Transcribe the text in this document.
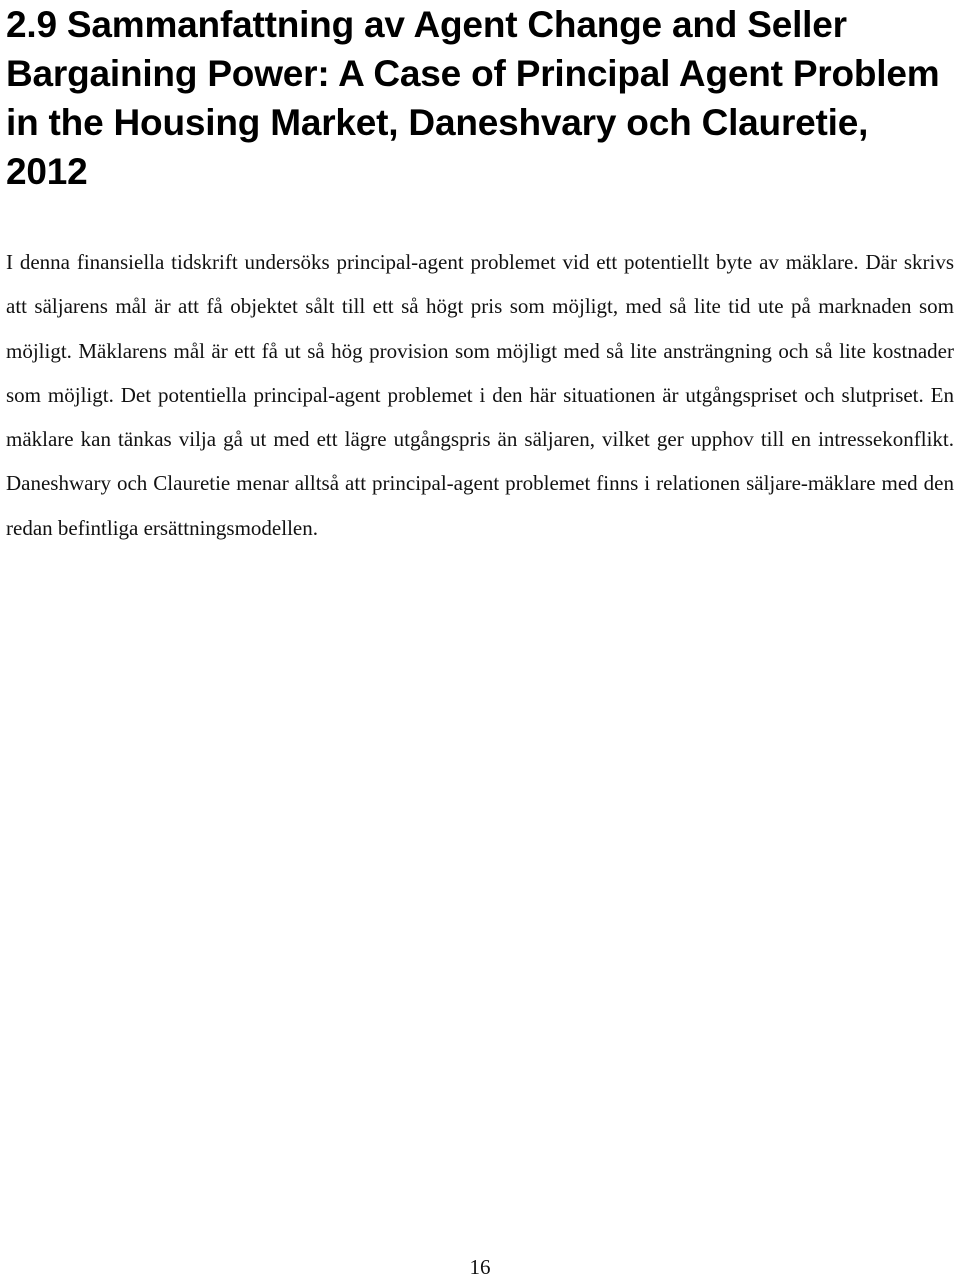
2.9 Sammanfattning av Agent Change and Seller Bargaining Power: A Case of Principal Agent Problem in the Housing Market, Daneshvary och Clauretie, 2012

I denna finansiella tidskrift undersöks principal-agent problemet vid ett potentiellt byte av mäklare. Där skrivs att säljarens mål är att få objektet sålt till ett så högt pris som möjligt, med så lite tid ute på marknaden som möjligt. Mäklarens mål är ett få ut så hög provision som möjligt med så lite ansträngning och så lite kostnader som möjligt. Det potentiella principal-agent problemet i den här situationen är utgångspriset och slutpriset. En mäklare kan tänkas vilja gå ut med ett lägre utgångspris än säljaren, vilket ger upphov till en intressekonflikt. Daneshwary och Clauretie menar alltså att principal-agent problemet finns i relationen säljare-mäklare med den redan befintliga ersättningsmodellen.

16
